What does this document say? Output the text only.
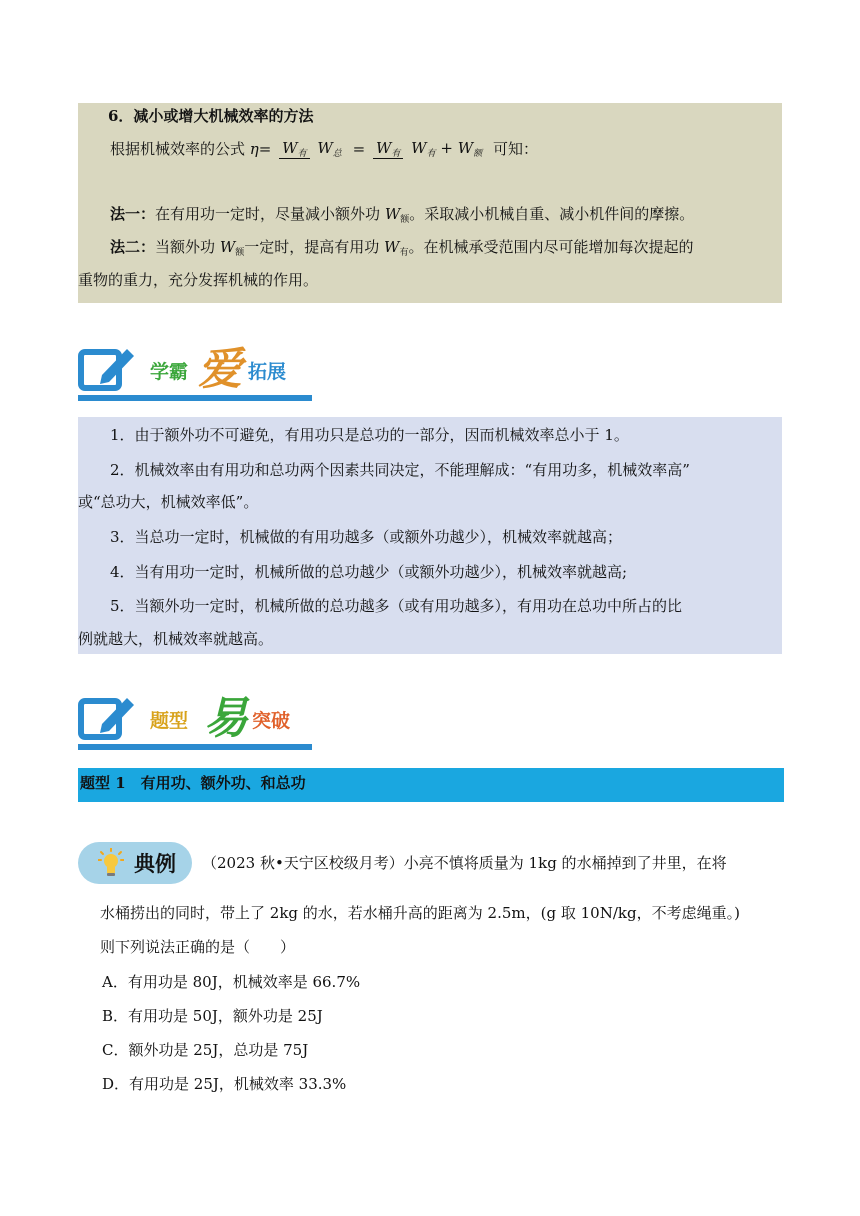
6．减小或增大机械效率的方法
根据机械效率的公式 $\eta= W_有$ $W_总 = W_有$ $W_有 + W_额$ 可知：
法一：在有用功一定时，尽量减小额外功 $W_额$。采取减小机械自重、减小机件间的摩擦。
法二：当额外功 $W_额$一定时，提高有用功 $W_有$。在机械承受范围内尽可能增加每次提起的
重物的重力，充分发挥机械的作用。
学霸 爱 拓展
1．由于额外功不可避免，有用功只是总功的一部分，因而机械效率总小于 1。
2．机械效率由有用功和总功两个因素共同决定，不能理解成：“有用功多，机械效率高”
或“总功大，机械效率低”。
3．当总功一定时，机械做的有用功越多（或额外功越少），机械效率就越高；
4．当有用功一定时，机械所做的总功越少（或额外功越少），机械效率就越高;
5．当额外功一定时，机械所做的总功越多（或有用功越多），有用功在总功中所占的比
例就越大，机械效率就越高。
题型 易 突破
题型 1　有用功、额外功、和总功
典例 （2023 秋•天宁区校级月考）小亮不慎将质量为 1kg 的水桶掉到了井里，在将
水桶捞出的同时，带上了 2kg 的水，若水桶升高的距离为 2.5m，(g 取 10N/kg，不考虑绳重。)
则下列说法正确的是（　　）
A．有用功是 80J，机械效率是 66.7%
B．有用功是 50J，额外功是 25J
C．额外功是 25J，总功是 75J
D．有用功是 25J，机械效率 33.3%
